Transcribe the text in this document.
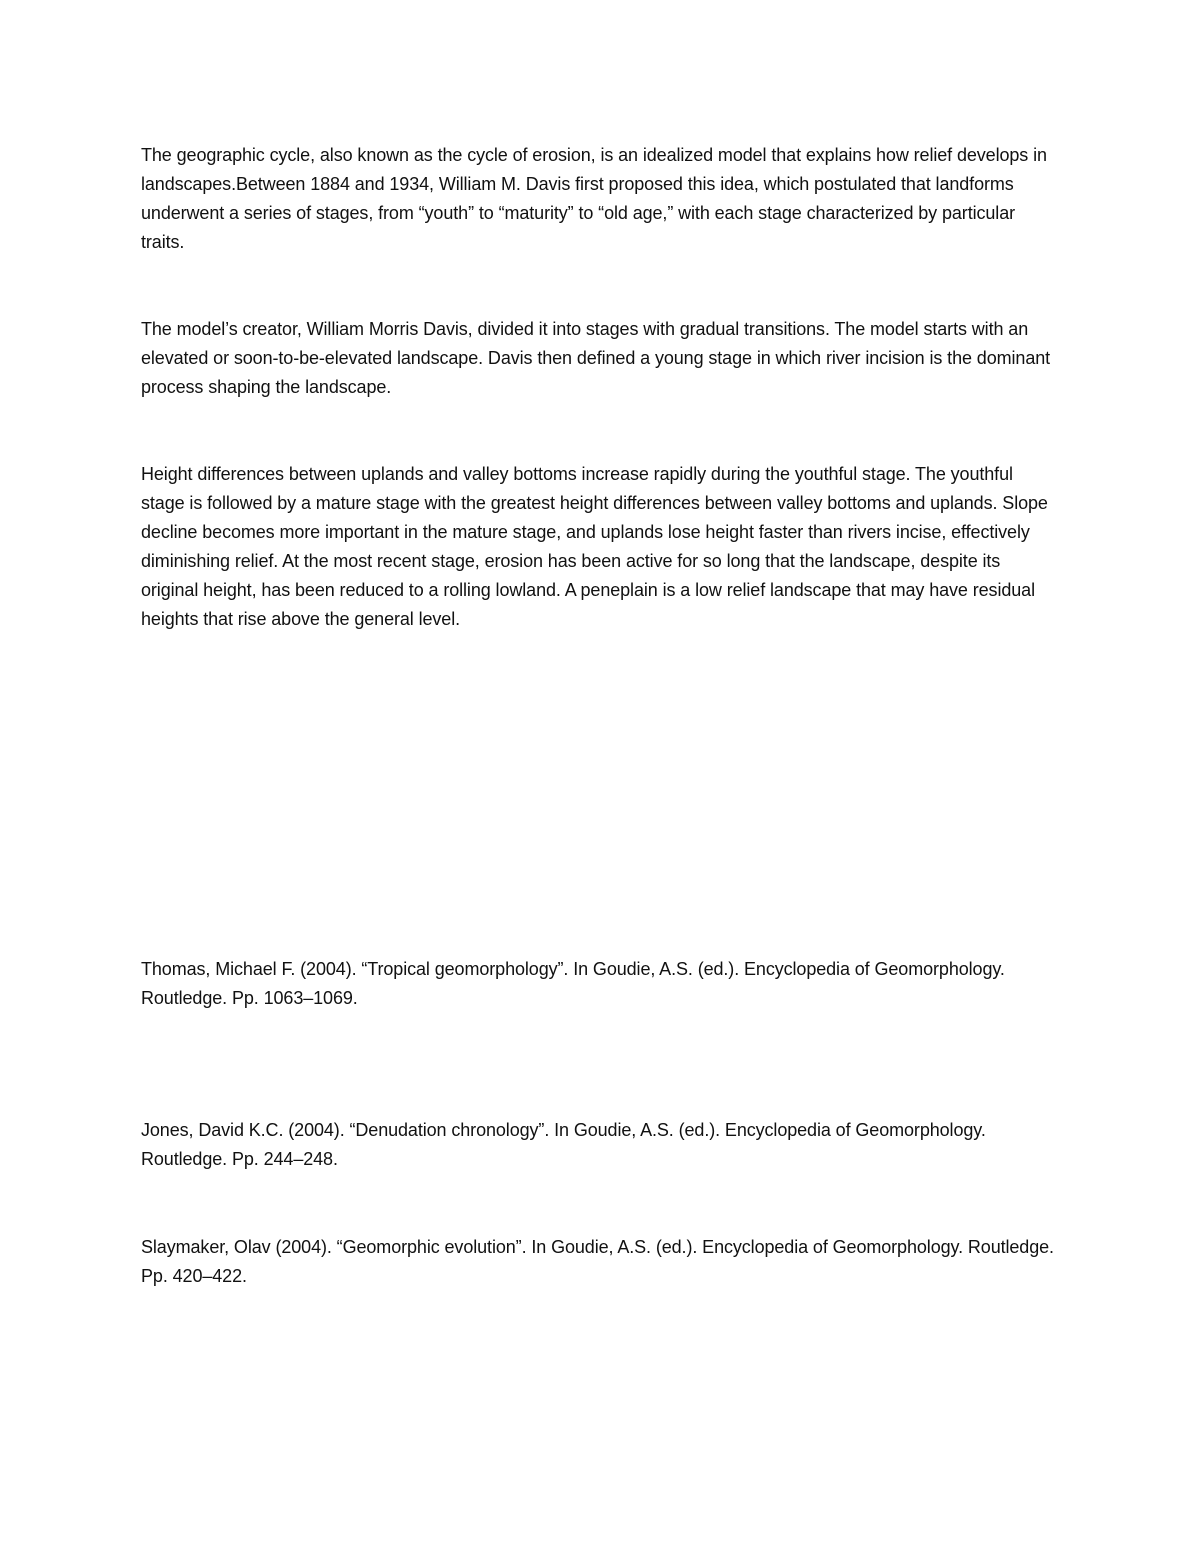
The geographic cycle, also known as the cycle of erosion, is an idealized model that explains how relief develops in landscapes.Between 1884 and 1934, William M. Davis first proposed this idea, which postulated that landforms underwent a series of stages, from “youth” to “maturity” to “old age,” with each stage characterized by particular traits.

The model’s creator, William Morris Davis, divided it into stages with gradual transitions. The model starts with an elevated or soon-to-be-elevated landscape. Davis then defined a young stage in which river incision is the dominant process shaping the landscape.

Height differences between uplands and valley bottoms increase rapidly during the youthful stage. The youthful stage is followed by a mature stage with the greatest height differences between valley bottoms and uplands. Slope decline becomes more important in the mature stage, and uplands lose height faster than rivers incise, effectively diminishing relief. At the most recent stage, erosion has been active for so long that the landscape, despite its original height, has been reduced to a rolling lowland. A peneplain is a low relief landscape that may have residual heights that rise above the general level.

Thomas, Michael F. (2004). “Tropical geomorphology”. In Goudie, A.S. (ed.). Encyclopedia of Geomorphology. Routledge. Pp. 1063–1069.

Jones, David K.C. (2004). “Denudation chronology”. In Goudie, A.S. (ed.). Encyclopedia of Geomorphology. Routledge. Pp. 244–248.

Slaymaker, Olav (2004). “Geomorphic evolution”. In Goudie, A.S. (ed.). Encyclopedia of Geomorphology. Routledge. Pp. 420–422.
